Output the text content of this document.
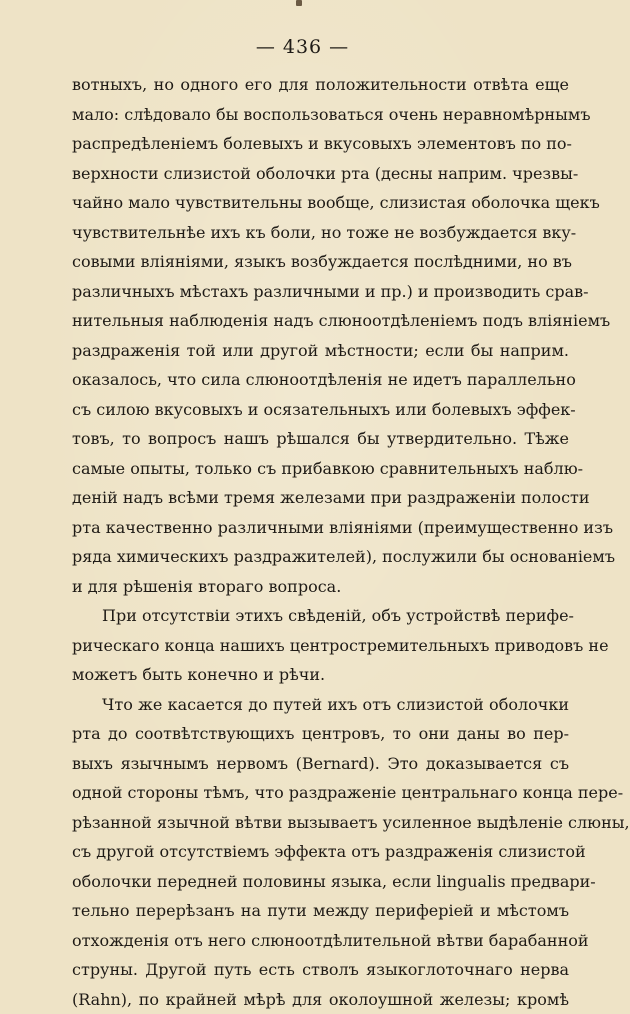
— 436 —
вотныхъ, но одного его для положительности отвѣта еще
мало: слѣдовало бы воспользоваться очень неравномѣрнымъ
распредѣленіемъ болевыхъ и вкусовыхъ элементовъ по по-
верхности слизистой оболочки рта (десны наприм. чрезвы-
чайно мало чувствительны вообще, слизистая оболочка щекъ
чувствительнѣе ихъ къ боли, но тоже не возбуждается вку-
совыми вліяніями, языкъ возбуждается послѣдними, но въ
различныхъ мѣстахъ различными и пр.) и производить срав-
нительныя наблюденія надъ слюноотдѣленіемъ подъ вліяніемъ
раздраженія той или другой мѣстности; если бы наприм.
оказалось, что сила слюноотдѣленія не идетъ параллельно
съ силою вкусовыхъ и осязательныхъ или болевыхъ эффек-
товъ, то вопросъ нашъ рѣшался бы утвердительно. Тѣже
самые опыты, только съ прибавкою сравнительныхъ наблю-
деній надъ всѣми тремя железами при раздраженіи полости
рта качественно различными вліяніями (преимущественно изъ
ряда химическихъ раздражителей), послужили бы основаніемъ
и для рѣшенія втораго вопроса.
При отсутствіи этихъ свѣденій, объ устройствѣ перифе-
рическаго конца нашихъ центростремительныхъ приводовъ не
можетъ быть конечно и рѣчи.
Что же касается до путей ихъ отъ слизистой оболочки
рта до соотвѣтствующихъ центровъ, то они даны во пер-
выхъ язычнымъ нервомъ (Bernard). Это доказывается съ
одной стороны тѣмъ, что раздраженіе центральнаго конца пере-
рѣзанной язычной вѣтви вызываетъ усиленное выдѣленіе слюны,
съ другой отсутствіемъ эффекта отъ раздраженія слизистой
оболочки передней половины языка, если lingualis предвари-
тельно перерѣзанъ на пути между периферіей и мѣстомъ
отхожденія отъ него слюноотдѣлительной вѣтви барабанной
струны. Другой путь есть стволъ языкоглоточнаго нерва
(Rahn), по крайней мѣрѣ для околоушной железы; кромѣ
